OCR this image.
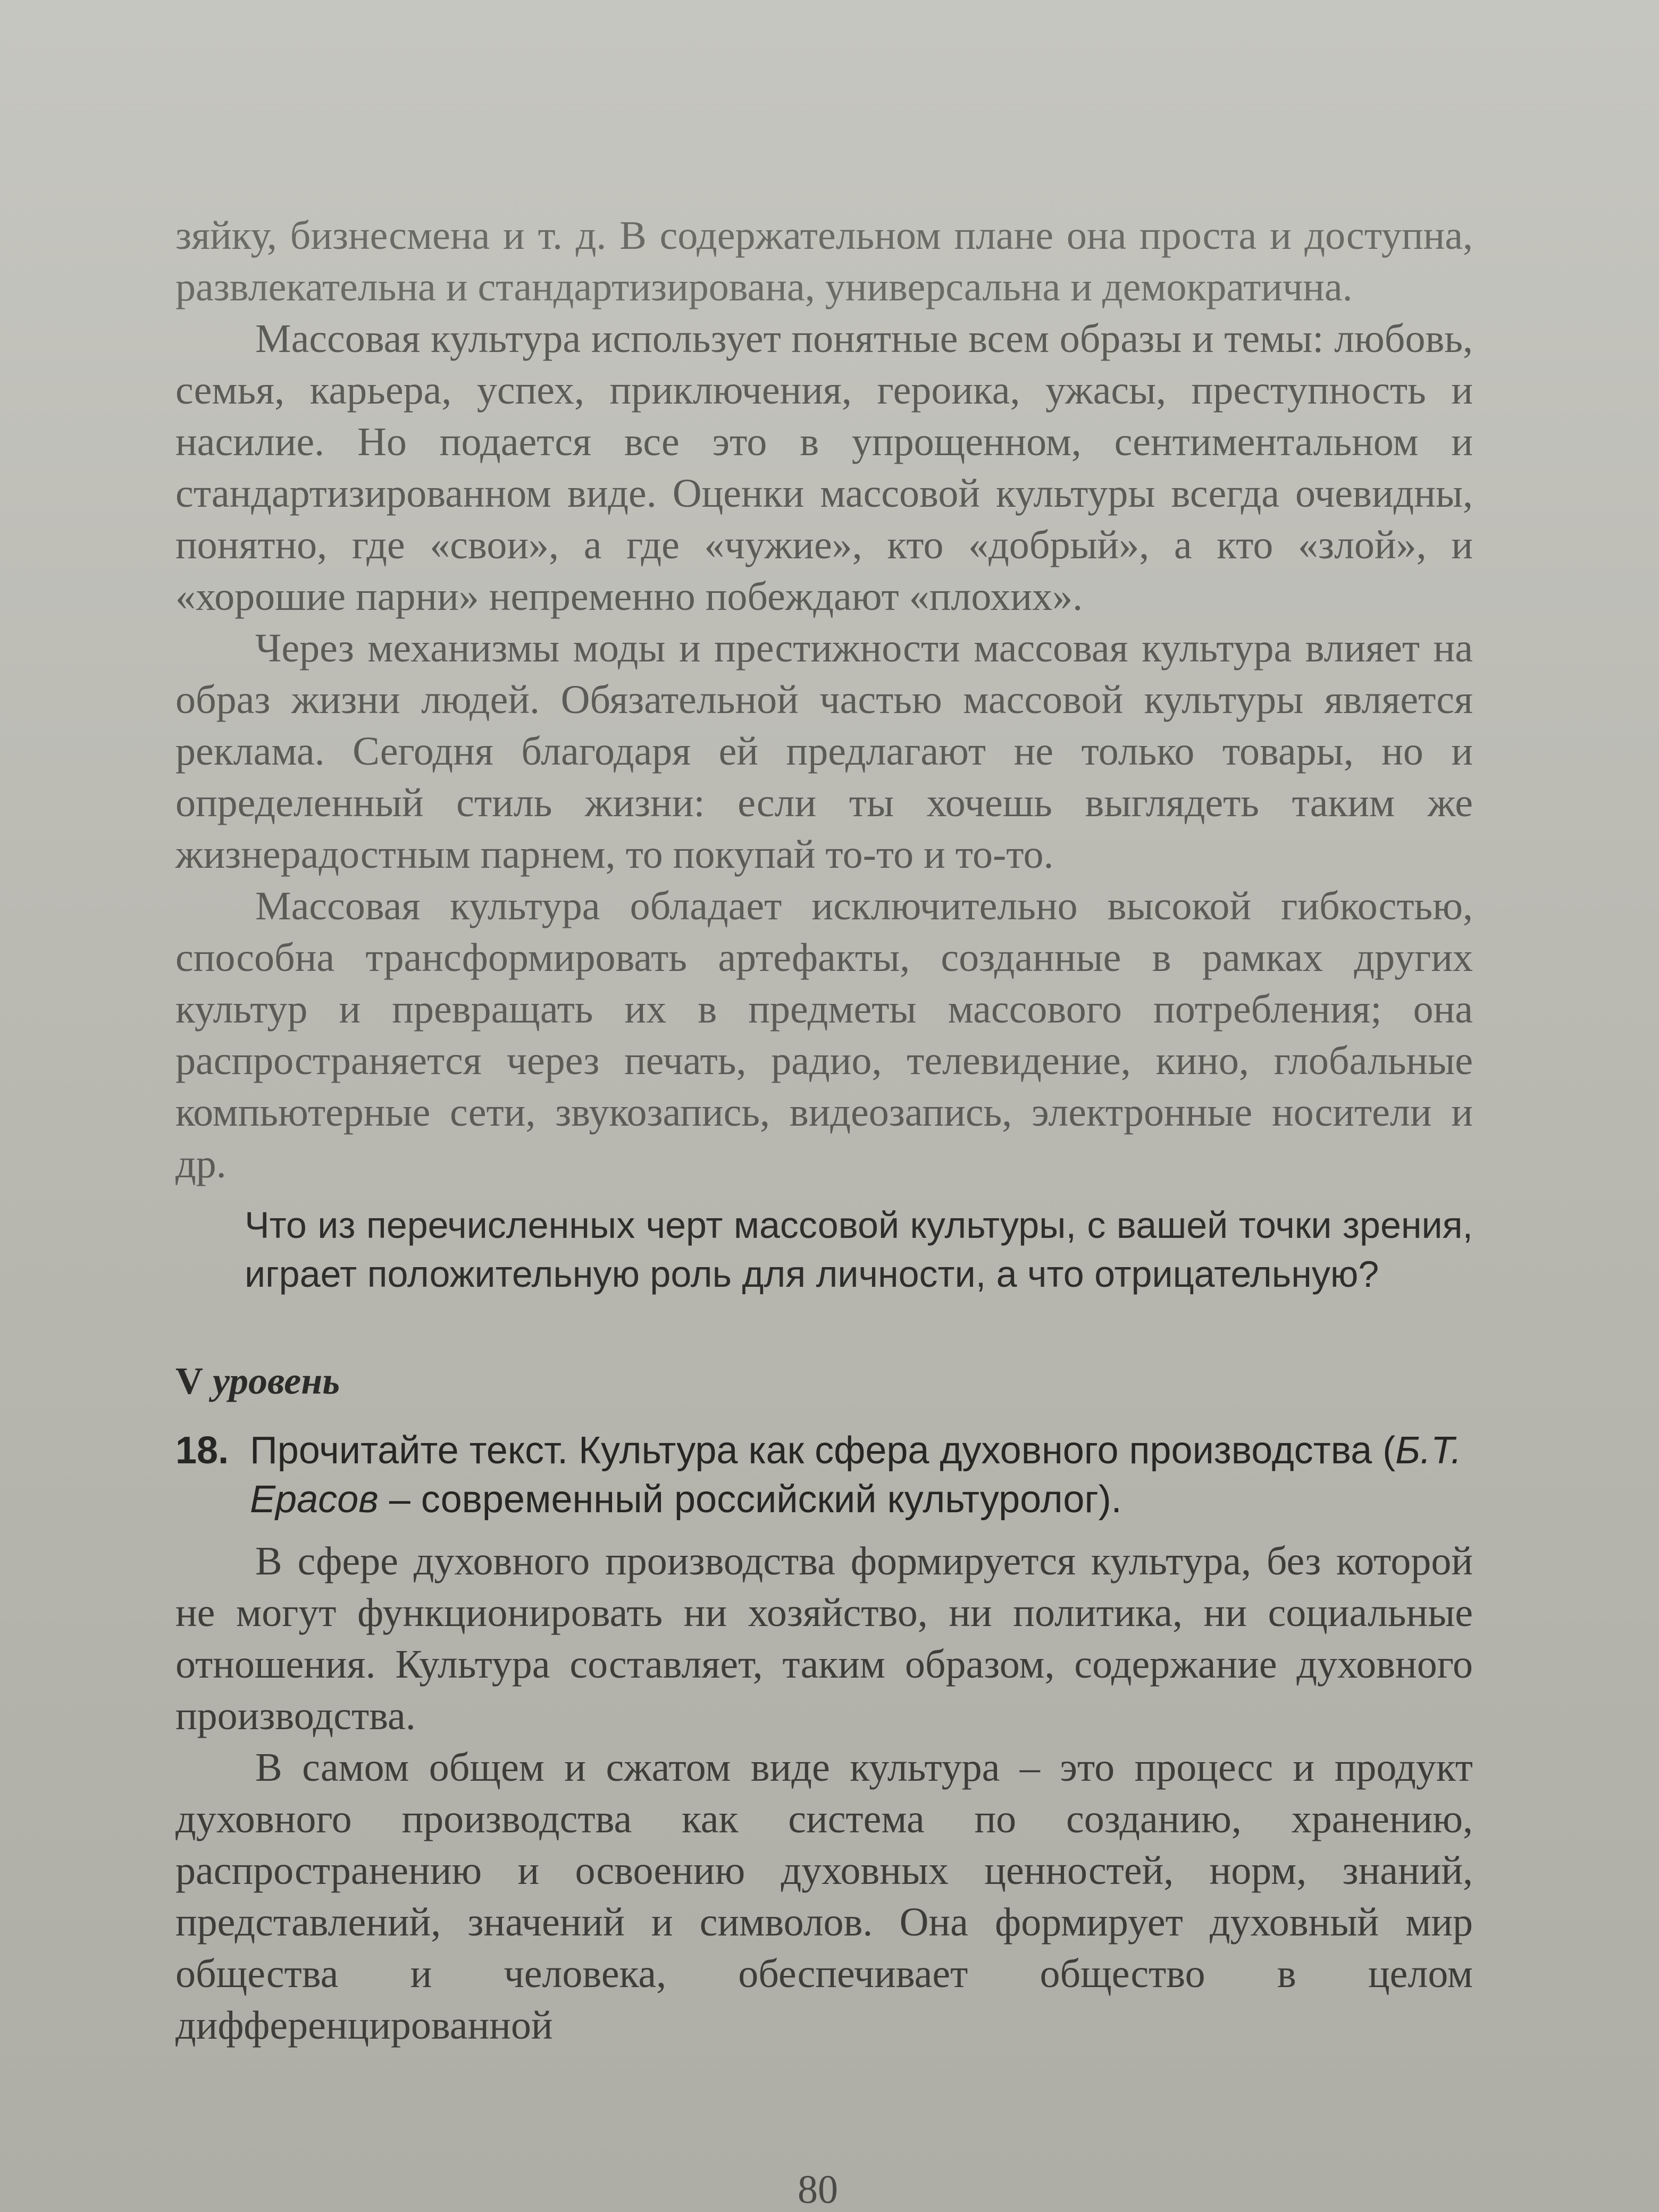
зяйку, бизнесмена и т. д. В содержательном плане она проста и доступна, развлекательна и стандартизирована, универсальна и демократична.

Массовая культура использует понятные всем образы и темы: любовь, семья, карьера, успех, приключения, героика, ужасы, преступность и насилие. Но подается все это в упрощенном, сентиментальном и стандартизированном виде. Оценки массовой культуры всегда очевидны, понятно, где «свои», а где «чужие», кто «добрый», а кто «злой», и «хорошие парни» непременно побеждают «плохих».

Через механизмы моды и престижности массовая культура влияет на образ жизни людей. Обязательной частью массовой культуры является реклама. Сегодня благодаря ей предлагают не только товары, но и определенный стиль жизни: если ты хочешь выглядеть таким же жизнерадостным парнем, то покупай то-то и то-то.

Массовая культура обладает исключительно высокой гибкостью, способна трансформировать артефакты, созданные в рамках других культур и превращать их в предметы массового потребления; она распространяется через печать, радио, телевидение, кино, глобальные компьютерные сети, звукозапись, видеозапись, электронные носители и др.

Что из перечисленных черт массовой культуры, с вашей точки зрения, играет положительную роль для личности, а что отрицательную?

V уровень
18. Прочитайте текст. Культура как сфера духовного производства (Б.Т. Ерасов – современный российский культуролог).

В сфере духовного производства формируется культура, без которой не могут функционировать ни хозяйство, ни политика, ни социальные отношения. Культура составляет, таким образом, содержание духовного производства.

В самом общем и сжатом виде культура – это процесс и продукт духовного производства как система по созданию, хранению, распространению и освоению духовных ценностей, норм, знаний, представлений, значений и символов. Она формирует духовный мир общества и человека, обеспечивает общество в целом дифференцированной

80
